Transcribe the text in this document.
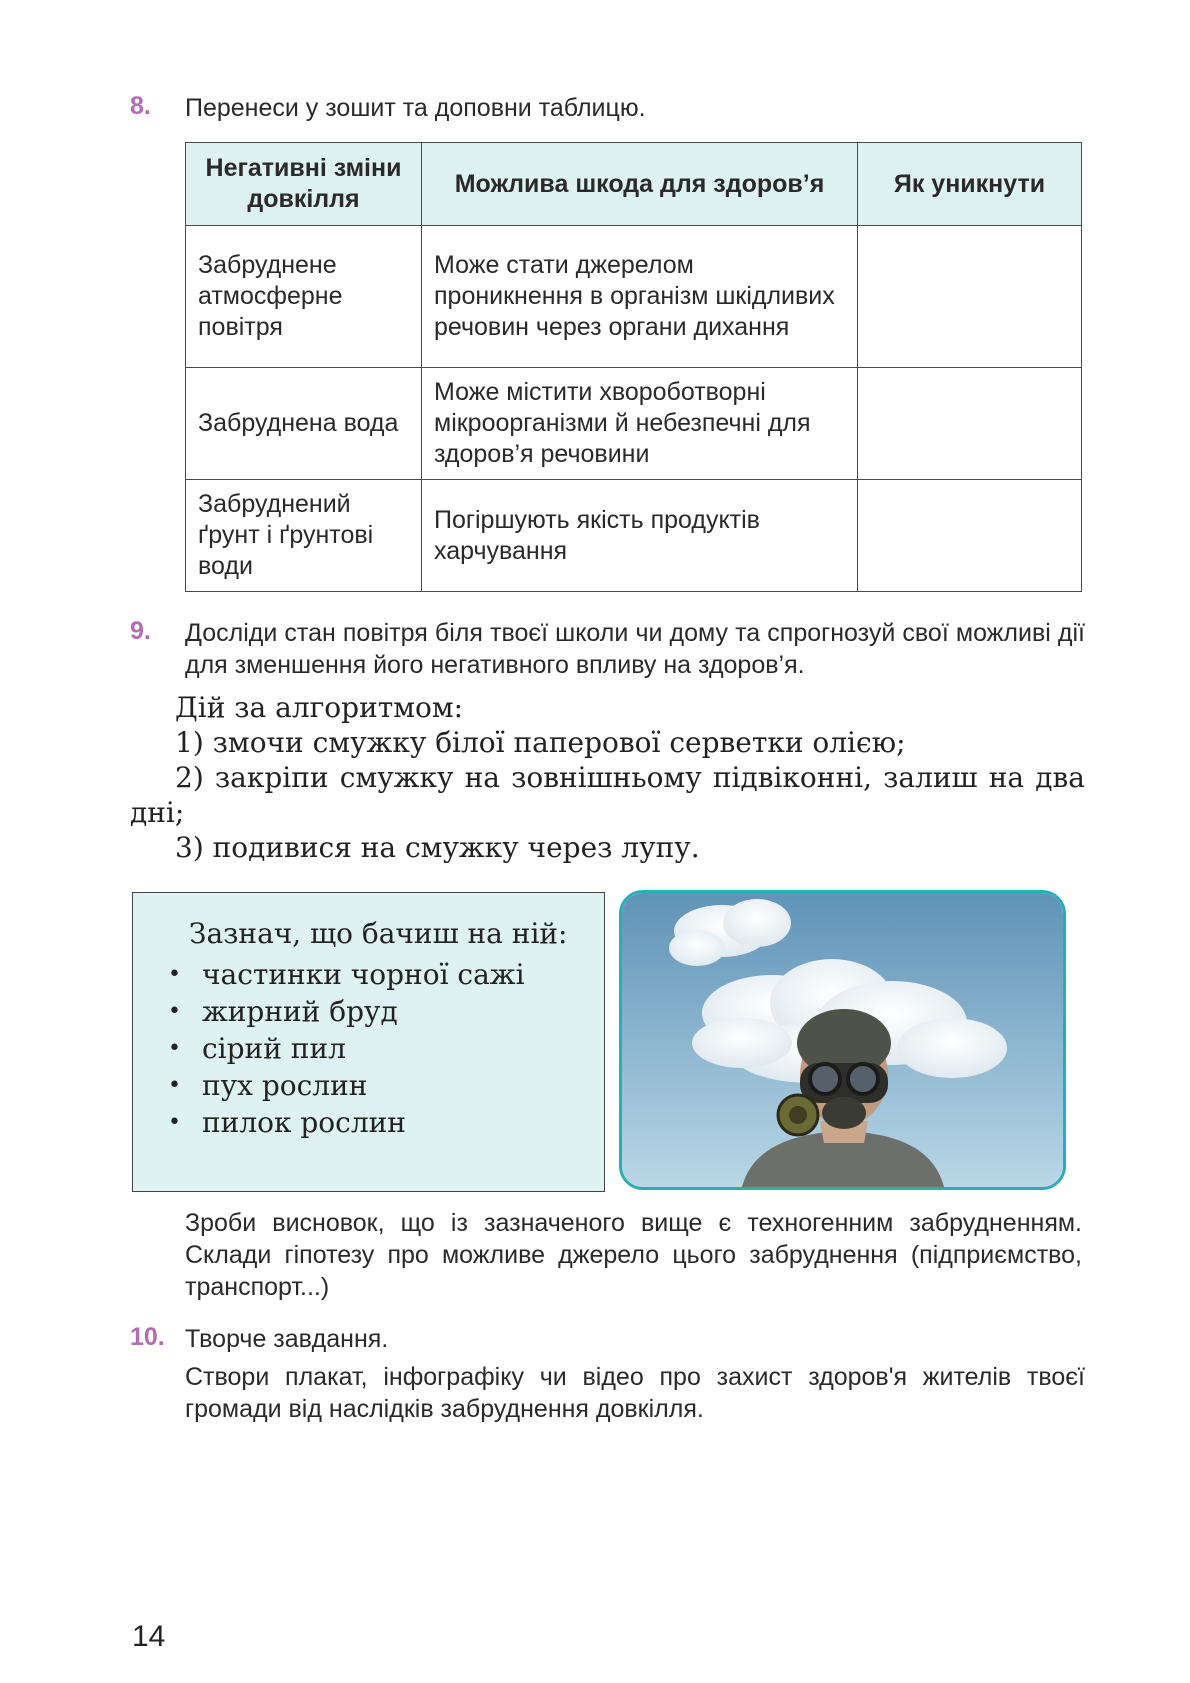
8. Перенеси у зошит та доповни таблицю.
Негативні зміни довкілля	Можлива шкода для здоров’я	Як уникнути
Забруднене атмосферне повітря	Може стати джерелом проникнення в організм шкідливих речовин через органи дихання	
Забруднена вода	Може містити хвороботворні мікроорганізми й небезпечні для здоров’я речовини	
Забруднений ґрунт і ґрунтові води	Погіршують якість продуктів харчування	
9. Досліди стан повітря біля твоєї школи чи дому та спрогнозуй свої можливі дії для зменшення його негативного впливу на здоров’я.

Дій за алгоритмом:

1) змочи смужку білої паперової серветки олією;

2) закріпи смужку на зовнішньому підвіконні, залиш на два дні;

3) подивися на смужку через лупу.

Зазнач, що бачиш на ній:

• частинки чорної сажі
• жирний бруд
• сірий пил
• пух рослин
• пилок рослин
Зроби висновок, що із зазначеного вище є техногенним забрудненням. Склади гіпотезу про можливе джерело цього забруднення (підприємство, транспорт...)
10. Творче завдання.
Створи плакат, інфографіку чи відео про захист здоров'я жителів твоєї громади від наслідків забруднення довкілля.
14
